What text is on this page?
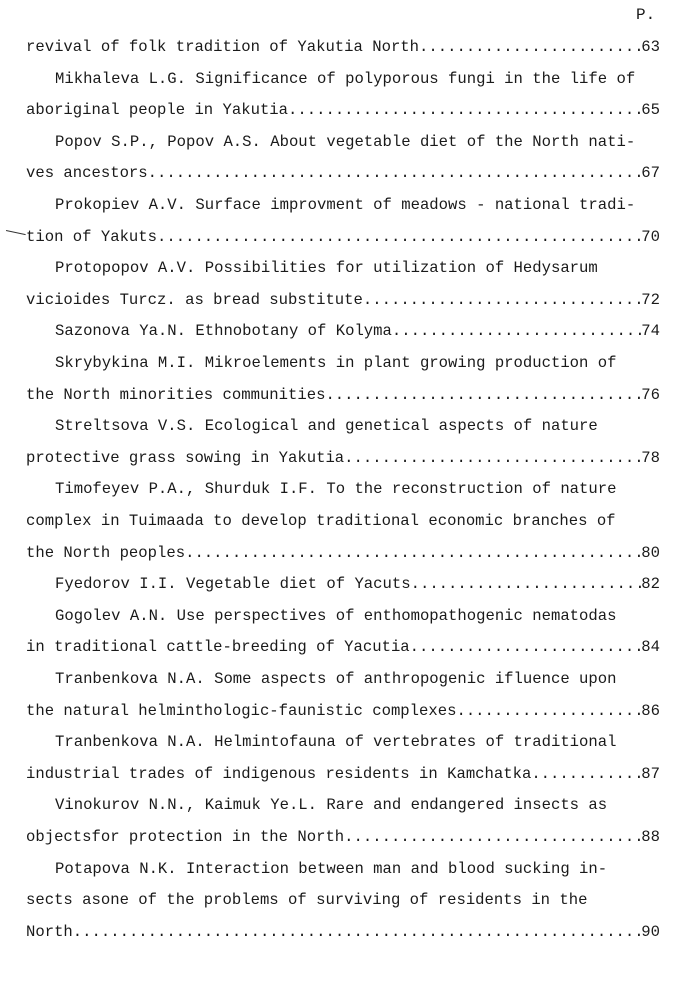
P.
revival of folk tradition of Yakutia North .....	63
Mikhaleva L.G. Significance of polyporous fungi in the life of
aboriginal people in Yakutia .....	65
Popov S.P., Popov A.S. About vegetable diet of the North nati-
ves ancestors .....	67
Prokopiev A.V. Surface improvment of meadows - national tradi-
tion of Yakuts .....	70
Protopopov A.V. Possibilities for utilization of Hedysarum
vicioides Turcz. as bread substitute .....	72
Sazonova Ya.N. Ethnobotany of Kolyma .....	74
Skrybykina M.I. Mikroelements in plant growing production of
the North minorities communities .....	76
Streltsova V.S. Ecological and genetical aspects of nature
protective grass sowing in Yakutia .....	78
Timofeyev P.A., Shurduk I.F. To the reconstruction of nature
complex in Tuimaada to develop traditional economic branches of
the North peoples .....	80
Fyedorov I.I. Vegetable diet of Yacuts .....	82
Gogolev A.N. Use perspectives of enthomopathogenic nematodas
in traditional cattle-breeding of Yacutia .....	84
Tranbenkova N.A. Some aspects of anthropogenic ifluence upon
the natural helminthologic-faunistic complexes .....	86
Tranbenkova N.A. Helmintofauna of vertebrates of traditional
industrial trades of indigenous residents in Kamchatka .....	87
Vinokurov N.N., Kaimuk Ye.L. Rare and endangered insects as
objectsfor protection in the North .....	88
Potapova N.K. Interaction between man and blood sucking in-
sects asone of the problems of surviving of residents in the
North .....	90
